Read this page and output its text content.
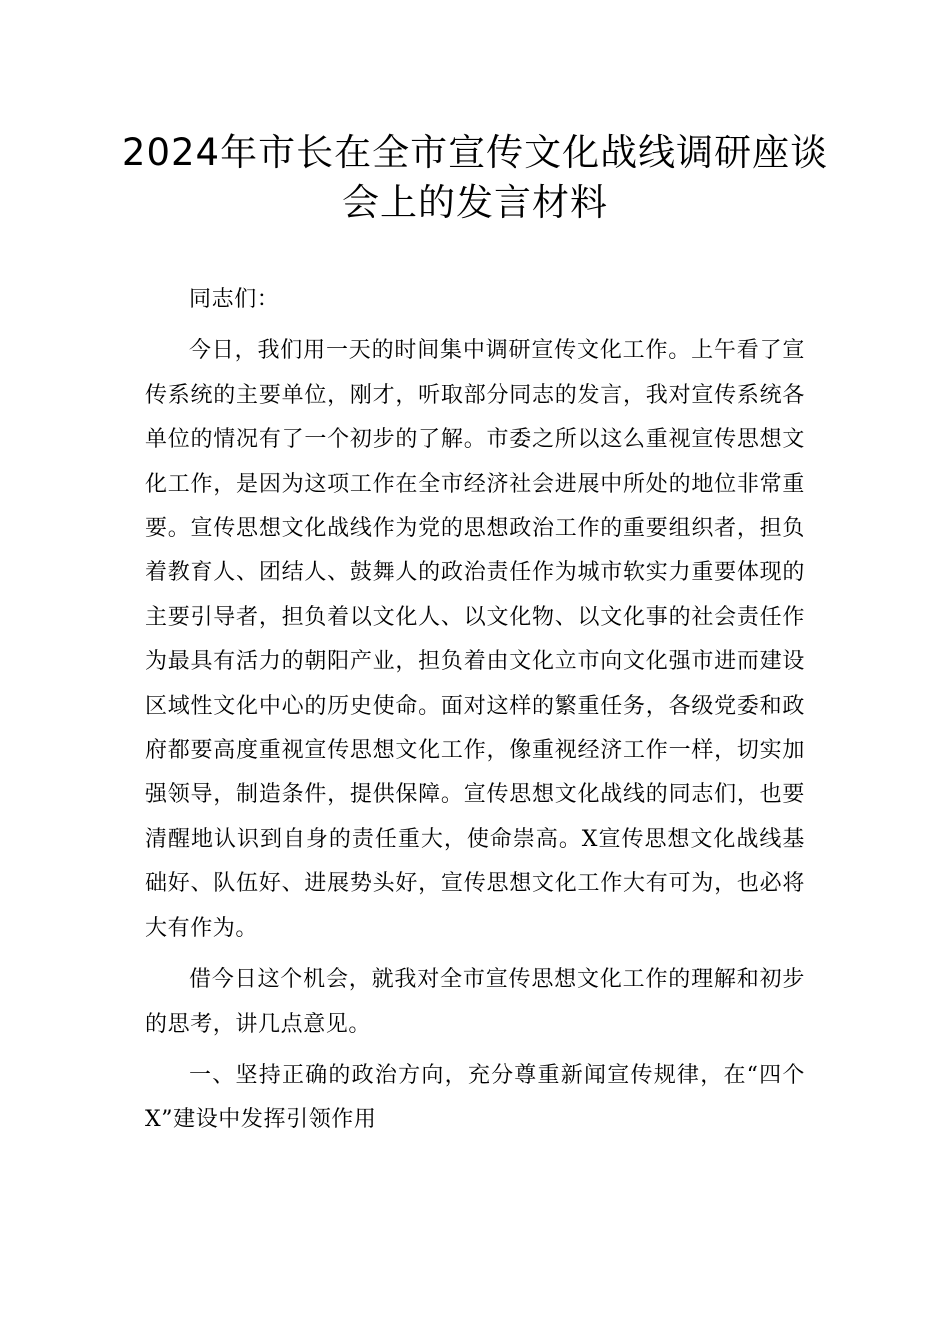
2024年市长在全市宣传文化战线调研座谈会上的发言材料

同志们：

今日，我们用一天的时间集中调研宣传文化工作。上午看了宣传系统的主要单位，刚才，听取部分同志的发言，我对宣传系统各单位的情况有了一个初步的了解。市委之所以这么重视宣传思想文化工作，是因为这项工作在全市经济社会进展中所处的地位非常重要。宣传思想文化战线作为党的思想政治工作的重要组织者，担负着教育人、团结人、鼓舞人的政治责任作为城市软实力重要体现的主要引导者，担负着以文化人、以文化物、以文化事的社会责任作为最具有活力的朝阳产业，担负着由文化立市向文化强市进而建设区域性文化中心的历史使命。面对这样的繁重任务，各级党委和政府都要高度重视宣传思想文化工作，像重视经济工作一样，切实加强领导，制造条件，提供保障。宣传思想文化战线的同志们，也要清醒地认识到自身的责任重大，使命崇高。X宣传思想文化战线基础好、队伍好、进展势头好，宣传思想文化工作大有可为，也必将大有作为。

借今日这个机会，就我对全市宣传思想文化工作的理解和初步的思考，讲几点意见。

一、坚持正确的政治方向，充分尊重新闻宣传规律，在“四个X”建设中发挥引领作用
